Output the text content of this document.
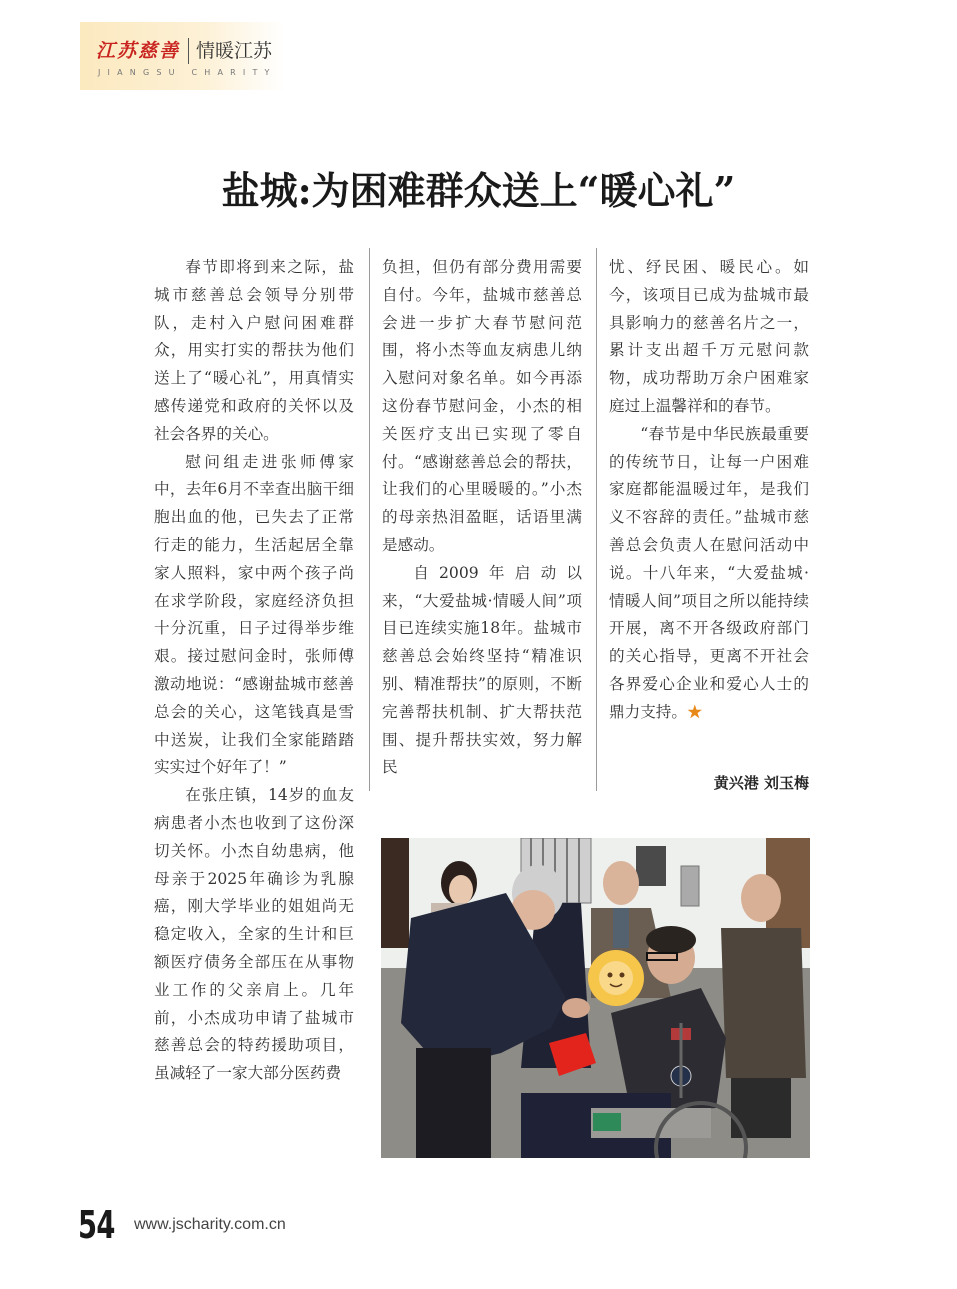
江苏慈善 情暖江苏
JIANGSU CHARITY
盐城:为困难群众送上“暖心礼”

春节即将到来之际，盐城市慈善总会领导分别带队，走村入户慰问困难群众，用实打实的帮扶为他们送上了“暖心礼”，用真情实感传递党和政府的关怀以及社会各界的关心。

慰问组走进张师傅家中，去年6月不幸查出脑干细胞出血的他，已失去了正常行走的能力，生活起居全靠家人照料，家中两个孩子尚在求学阶段，家庭经济负担十分沉重，日子过得举步维艰。接过慰问金时，张师傅激动地说：“感谢盐城市慈善总会的关心，这笔钱真是雪中送炭，让我们全家能踏踏实实过个好年了！”

在张庄镇，14岁的血友病患者小杰也收到了这份深切关怀。小杰自幼患病，他母亲于2025年确诊为乳腺癌，刚大学毕业的姐姐尚无稳定收入，全家的生计和巨额医疗债务全部压在从事物业工作的父亲肩上。几年前，小杰成功申请了盐城市慈善总会的特药援助项目，虽减轻了一家大部分医药费

负担，但仍有部分费用需要自付。今年，盐城市慈善总会进一步扩大春节慰问范围，将小杰等血友病患儿纳入慰问对象名单。如今再添这份春节慰问金，小杰的相关医疗支出已实现了零自付。“感谢慈善总会的帮扶，让我们的心里暖暖的。”小杰的母亲热泪盈眶，话语里满是感动。

自2009年启动以来，“大爱盐城·情暖人间”项目已连续实施18年。盐城市慈善总会始终坚持“精准识别、精准帮扶”的原则，不断完善帮扶机制、扩大帮扶范围、提升帮扶实效，努力解民

忧、纾民困、暖民心。如今，该项目已成为盐城市最具影响力的慈善名片之一，累计支出超千万元慰问款物，成功帮助万余户困难家庭过上温馨祥和的春节。

“春节是中华民族最重要的传统节日，让每一户困难家庭都能温暖过年，是我们义不容辞的责任。”盐城市慈善总会负责人在慰问活动中说。十八年来，“大爱盐城·情暖人间”项目之所以能持续开展，离不开各级政府部门的关心指导，更离不开社会各界爱心企业和爱心人士的鼎力支持。★

黄兴港 刘玉梅
54 www.jscharity.com.cn
